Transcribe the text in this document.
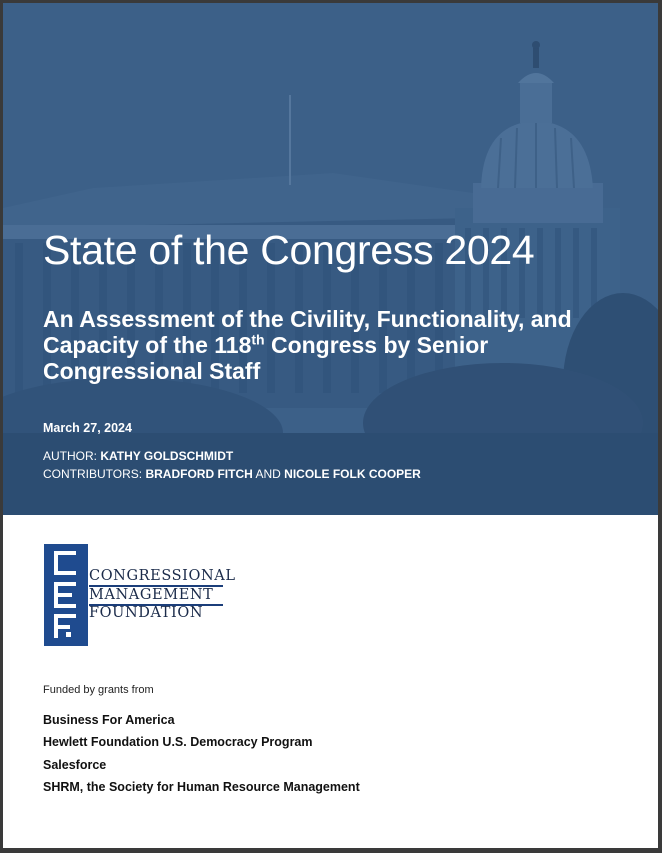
State of the Congress 2024

An Assessment of the Civility, Functionality, and Capacity of the 118th Congress by Senior Congressional Staff

March 27, 2024
AUTHOR: KATHY GOLDSCHMIDT
CONTRIBUTORS: BRADFORD FITCH AND NICOLE FOLK COOPER
CONGRESSIONAL
MANAGEMENT
FOUNDATION
Funded by grants from
Business For America
Hewlett Foundation U.S. Democracy Program
Salesforce
SHRM, the Society for Human Resource Management
